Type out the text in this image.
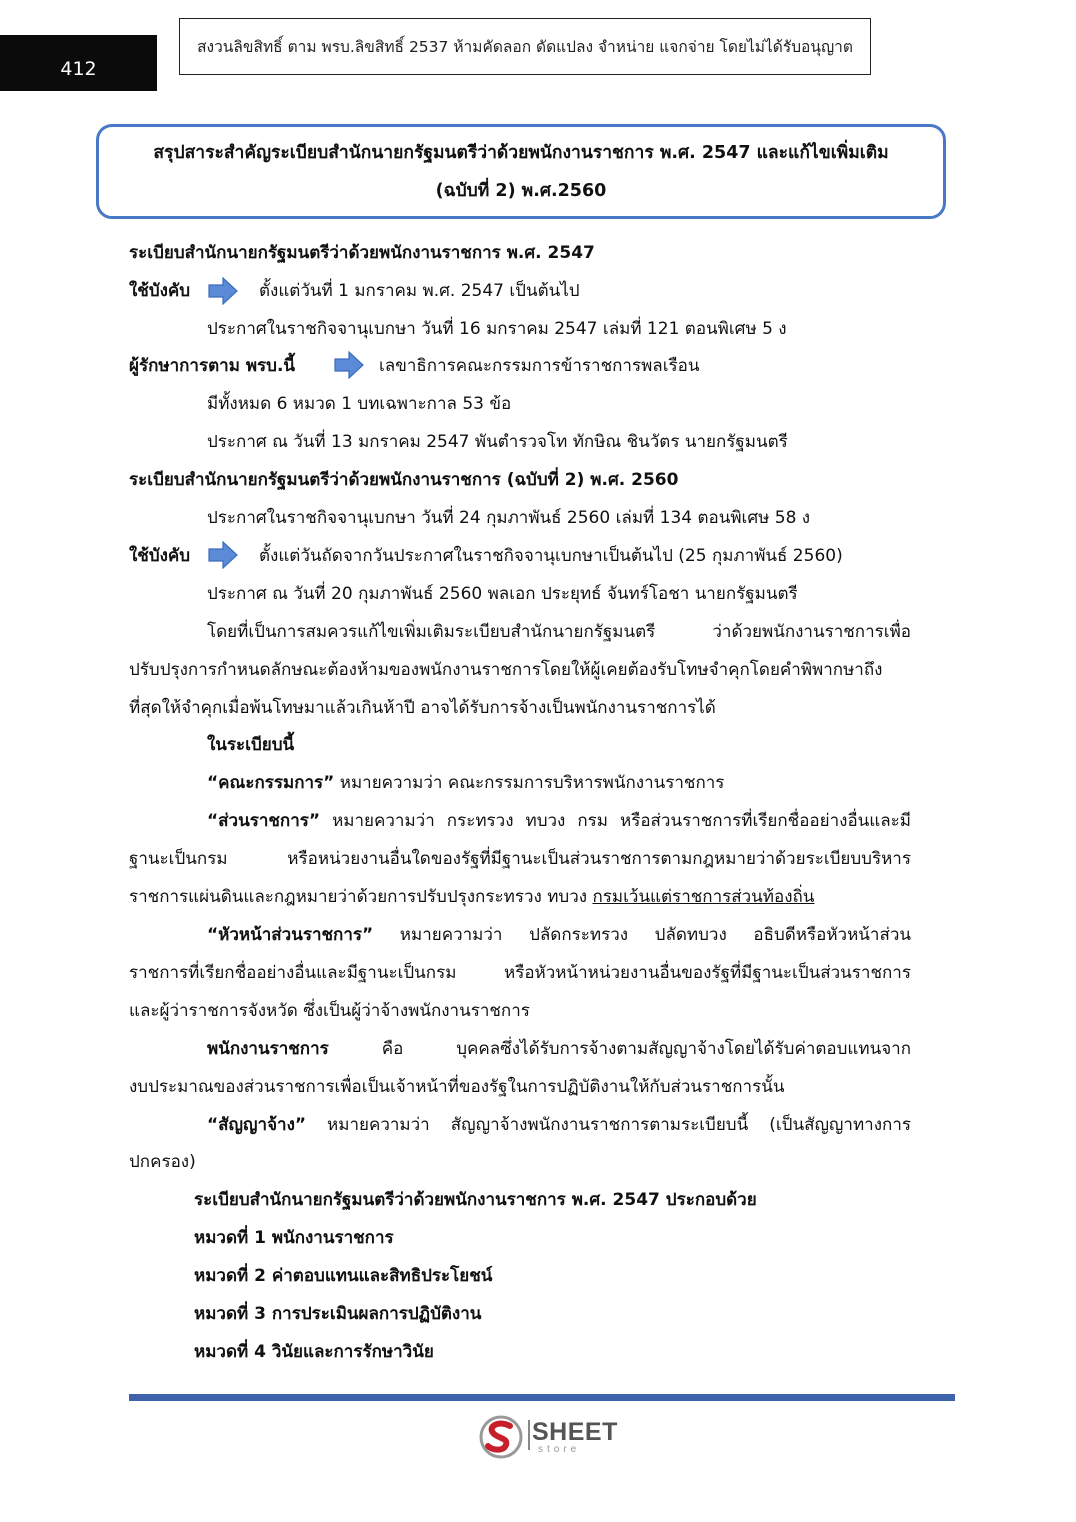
412
สงวนลิขสิทธิ์ ตาม พรบ.ลิขสิทธิ์ 2537 ห้ามคัดลอก ดัดแปลง จำหน่าย แจกจ่าย โดยไม่ได้รับอนุญาต
สรุปสาระสำคัญระเบียบสำนักนายกรัฐมนตรีว่าด้วยพนักงานราชการ พ.ศ. 2547 และแก้ไขเพิ่มเติม
(ฉบับที่ 2) พ.ศ.2560
ระเบียบสำนักนายกรัฐมนตรีว่าด้วยพนักงานราชการ พ.ศ. 2547
ใช้บังคับ	ตั้งแต่วันที่ 1 มกราคม พ.ศ. 2547 เป็นต้นไป
ประกาศในราชกิจจานุเบกษา วันที่ 16 มกราคม 2547 เล่มที่ 121 ตอนพิเศษ 5 ง
ผู้รักษาการตาม พรบ.นี้	เลขาธิการคณะกรรมการข้าราชการพลเรือน
มีทั้งหมด 6 หมวด 1 บทเฉพาะกาล 53 ข้อ
ประกาศ ณ วันที่ 13 มกราคม 2547 พันตำรวจโท ทักษิณ ชินวัตร นายกรัฐมนตรี
ระเบียบสำนักนายกรัฐมนตรีว่าด้วยพนักงานราชการ (ฉบับที่ 2) พ.ศ. 2560
ประกาศในราชกิจจานุเบกษา วันที่ 24 กุมภาพันธ์ 2560 เล่มที่ 134 ตอนพิเศษ 58 ง
ใช้บังคับ	ตั้งแต่วันถัดจากวันประกาศในราชกิจจานุเบกษาเป็นต้นไป (25 กุมภาพันธ์ 2560)
ประกาศ ณ วันที่ 20 กุมภาพันธ์ 2560 พลเอก ประยุทธ์ จันทร์โอชา นายกรัฐมนตรี
โดยที่เป็นการสมควรแก้ไขเพิ่มเติมระเบียบสำนักนายกรัฐมนตรี ว่าด้วยพนักงานราชการเพื่อ
ปรับปรุงการกำหนดลักษณะต้องห้ามของพนักงานราชการโดยให้ผู้เคยต้องรับโทษจำคุกโดยคำพิพากษาถึง
ที่สุดให้จำคุกเมื่อพ้นโทษมาแล้วเกินห้าปี อาจได้รับการจ้างเป็นพนักงานราชการได้
ในระเบียบนี้
“คณะกรรมการ” หมายความว่า คณะกรรมการบริหารพนักงานราชการ
“ส่วนราชการ” หมายความว่า กระทรวง ทบวง กรม หรือส่วนราชการที่เรียกชื่ออย่างอื่นและมี
ฐานะเป็นกรม หรือหน่วยงานอื่นใดของรัฐที่มีฐานะเป็นส่วนราชการตามกฎหมายว่าด้วยระเบียบบริหาร
ราชการแผ่นดินและกฎหมายว่าด้วยการปรับปรุงกระทรวง ทบวง กรมเว้นแต่ราชการส่วนท้องถิ่น
“หัวหน้าส่วนราชการ” หมายความว่า ปลัดกระทรวง ปลัดทบวง อธิบดีหรือหัวหน้าส่วน
ราชการที่เรียกชื่ออย่างอื่นและมีฐานะเป็นกรม หรือหัวหน้าหน่วยงานอื่นของรัฐที่มีฐานะเป็นส่วนราชการ
และผู้ว่าราชการจังหวัด ซึ่งเป็นผู้ว่าจ้างพนักงานราชการ
พนักงานราชการ คือ บุคคลซึ่งได้รับการจ้างตามสัญญาจ้างโดยได้รับค่าตอบแทนจาก
งบประมาณของส่วนราชการเพื่อเป็นเจ้าหน้าที่ของรัฐในการปฏิบัติงานให้กับส่วนราชการนั้น
“สัญญาจ้าง” หมายความว่า สัญญาจ้างพนักงานราชการตามระเบียบนี้ (เป็นสัญญาทางการ
ปกครอง)
ระเบียบสำนักนายกรัฐมนตรีว่าด้วยพนักงานราชการ พ.ศ. 2547 ประกอบด้วย
หมวดที่ 1 พนักงานราชการ
หมวดที่ 2 ค่าตอบแทนและสิทธิประโยชน์
หมวดที่ 3 การประเมินผลการปฏิบัติงาน
หมวดที่ 4 วินัยและการรักษาวินัย
SHEET
store
